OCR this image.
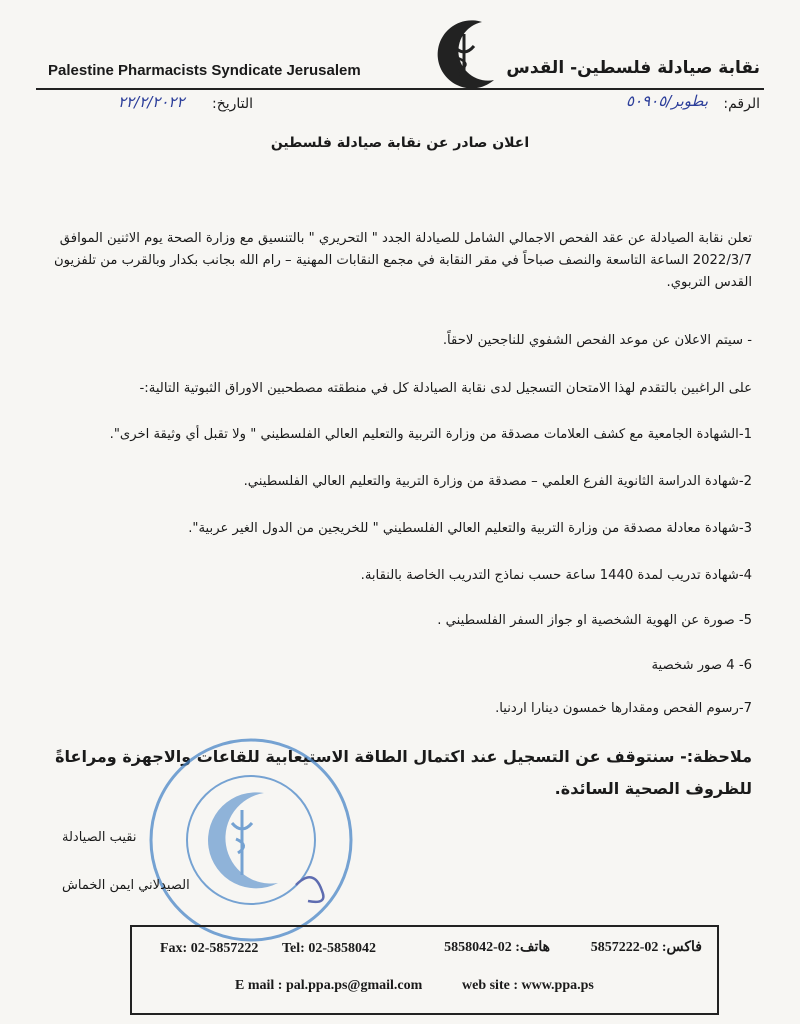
Palestine Pharmacists Syndicate Jerusalem	نقابة صيادلة فلسطين- القدس
الرقم:
بطوبر/٥٠٩٠٥
التاريخ:
٢٢/٢/٢٠٢٢
اعلان صادر عن نقابة صيادلة فلسطين
تعلن نقابة الصيادلة عن عقد الفحص الاجمالي الشامل للصيادلة الجدد " التحريري " بالتنسيق مع وزارة الصحة يوم الاثنين الموافق 2022/3/7 الساعة التاسعة والنصف صباحاً في مقر النقابة في مجمع النقابات المهنية – رام الله بجانب بكدار وبالقرب من تلفزيون القدس التربوي.
- سيتم الاعلان عن موعد الفحص الشفوي للناجحين لاحقاً.
على الراغبين بالتقدم لهذا الامتحان التسجيل لدى نقابة الصيادلة كل في منطقته مصطحبين الاوراق الثبوتية التالية:-
1-الشهادة الجامعية مع كشف العلامات مصدقة من وزارة التربية والتعليم العالي الفلسطيني " ولا تقبل أي وثيقة اخرى".
2-شهادة الدراسة الثانوية الفرع العلمي – مصدقة من وزارة التربية والتعليم العالي الفلسطيني.
3-شهادة معادلة مصدقة من وزارة التربية والتعليم العالي الفلسطيني " للخريجين من الدول الغير عربية".
4-شهادة تدريب لمدة 1440 ساعة حسب نماذج التدريب الخاصة بالنقابة.
5- صورة عن الهوية الشخصية او جواز السفر الفلسطيني .
6- 4 صور شخصية
7-رسوم الفحص ومقدارها خمسون دينارا اردنيا.
ملاحظة:- سنتوقف عن التسجيل عند اكتمال الطاقة الاستيعابية للقاعات والاجهزة ومراعاةً للظروف الصحية السائدة.
نقيب الصيادلة
الصيدلاني ايمن الخماش
Fax: 02-5857222 Tel: 02-5858042	فاكس: 02-5857222
هاتف: 02-5858042
E mail : pal.ppa.ps@gmail.com	web site : www.ppa.ps
